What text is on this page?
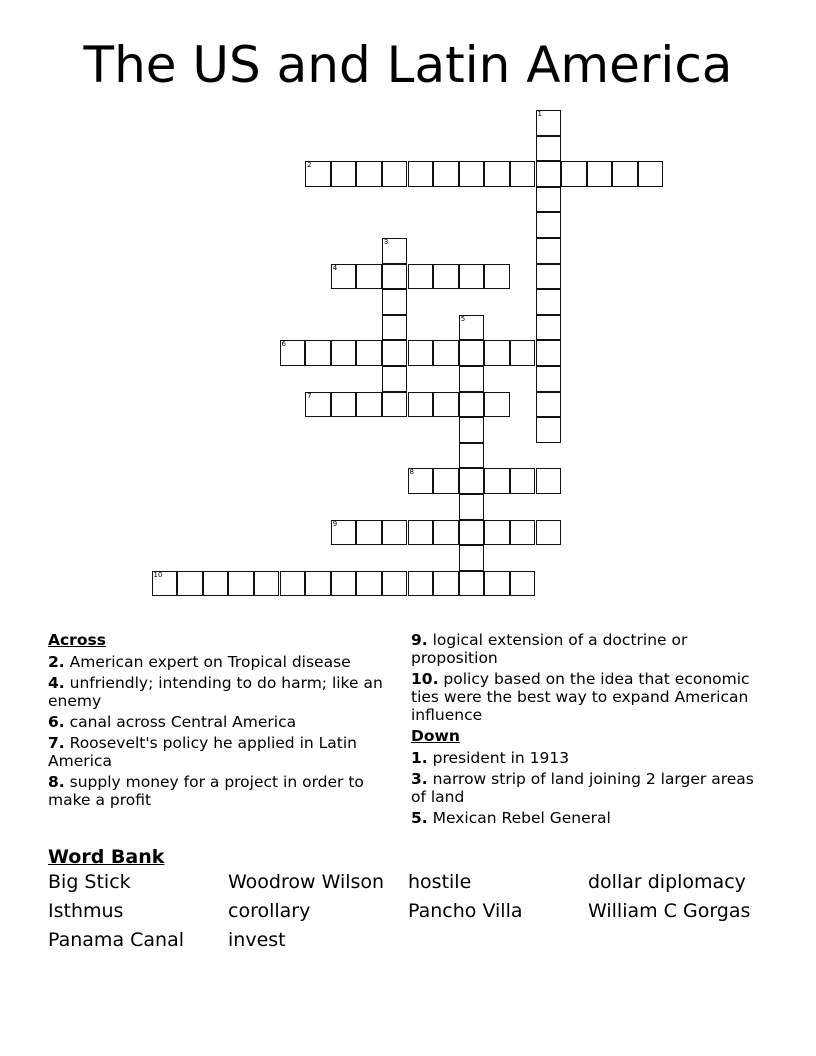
The US and Latin America
1
2
3
4
5
6
7
8
9
10
Across
2. American expert on Tropical disease
4. unfriendly; intending to do harm; like an enemy
6. canal across Central America
7. Roosevelt's policy he applied in Latin America
8. supply money for a project in order to make a profit
9. logical extension of a doctrine or proposition
10. policy based on the idea that economic ties were the best way to expand American influence
Down
1. president in 1913
3. narrow strip of land joining 2 larger areas of land
5. Mexican Rebel General
Word Bank
Big Stick	Woodrow Wilson	hostile	dollar diplomacy
Isthmus	corollary	Pancho Villa	William C Gorgas
Panama Canal	invest
